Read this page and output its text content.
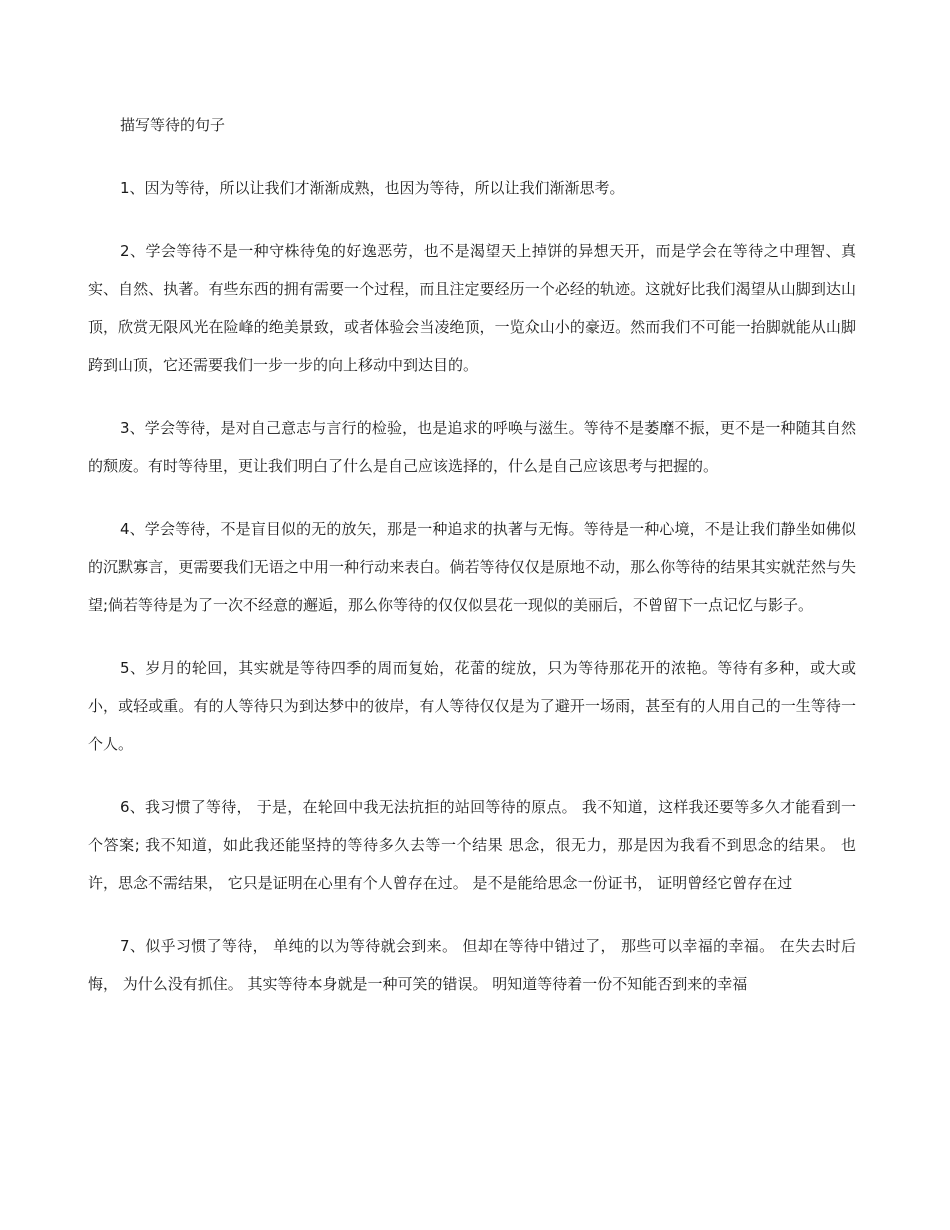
描写等待的句子

1、因为等待，所以让我们才渐渐成熟，也因为等待，所以让我们渐渐思考。

2、学会等待不是一种守株待兔的好逸恶劳，也不是渴望天上掉饼的异想天开，而是学会在等待之中理智、真实、自然、执著。有些东西的拥有需要一个过程，而且注定要经历一个必经的轨迹。这就好比我们渴望从山脚到达山顶，欣赏无限风光在险峰的绝美景致，或者体验会当凌绝顶，一览众山小的豪迈。然而我们不可能一抬脚就能从山脚跨到山顶，它还需要我们一步一步的向上移动中到达目的。

3、学会等待，是对自己意志与言行的检验，也是追求的呼唤与滋生。等待不是萎靡不振，更不是一种随其自然的颓废。有时等待里，更让我们明白了什么是自己应该选择的，什么是自己应该思考与把握的。

4、学会等待，不是盲目似的无的放矢，那是一种追求的执著与无悔。等待是一种心境，不是让我们静坐如佛似的沉默寡言，更需要我们无语之中用一种行动来表白。倘若等待仅仅是原地不动，那么你等待的结果其实就茫然与失望;倘若等待是为了一次不经意的邂逅，那么你等待的仅仅似昙花一现似的美丽后，不曾留下一点记忆与影子。

5、岁月的轮回，其实就是等待四季的周而复始，花蕾的绽放，只为等待那花开的浓艳。等待有多种，或大或小，或轻或重。有的人等待只为到达梦中的彼岸，有人等待仅仅是为了避开一场雨，甚至有的人用自己的一生等待一个人。

6、我习惯了等待， 于是，在轮回中我无法抗拒的站回等待的原点。 我不知道，这样我还要等多久才能看到一个答案; 我不知道，如此我还能坚持的等待多久去等一个结果 思念，很无力，那是因为我看不到思念的结果。 也许，思念不需结果， 它只是证明在心里有个人曾存在过。 是不是能给思念一份证书， 证明曾经它曾存在过

7、似乎习惯了等待， 单纯的以为等待就会到来。 但却在等待中错过了， 那些可以幸福的幸福。 在失去时后悔， 为什么没有抓住。 其实等待本身就是一种可笑的错误。 明知道等待着一份不知能否到来的幸福
